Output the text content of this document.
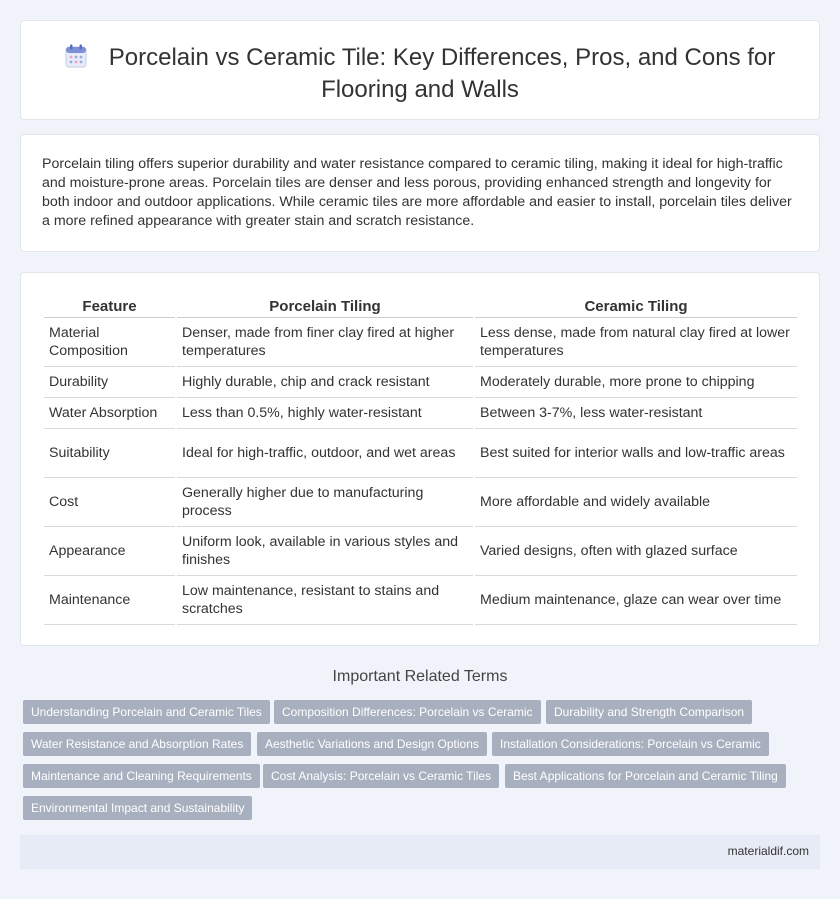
Porcelain vs Ceramic Tile: Key Differences, Pros, and Cons for
Flooring and Walls

Porcelain tiling offers superior durability and water resistance compared to ceramic tiling, making it ideal for high-traffic and moisture-prone areas. Porcelain tiles are denser and less porous, providing enhanced strength and longevity for both indoor and outdoor applications. While ceramic tiles are more affordable and easier to install, porcelain tiles deliver a more refined appearance with greater stain and scratch resistance.

Feature	Porcelain Tiling	Ceramic Tiling
Material Composition	Denser, made from finer clay fired at higher temperatures	Less dense, made from natural clay fired at lower temperatures
Durability	Highly durable, chip and crack resistant	Moderately durable, more prone to chipping
Water Absorption	Less than 0.5%, highly water-resistant	Between 3-7%, less water-resistant
Suitability	Ideal for high-traffic, outdoor, and wet areas	Best suited for interior walls and low-traffic areas
Cost	Generally higher due to manufacturing process	More affordable and widely available
Appearance	Uniform look, available in various styles and finishes	Varied designs, often with glazed surface
Maintenance	Low maintenance, resistant to stains and scratches	Medium maintenance, glaze can wear over time
Important Related Terms
Understanding Porcelain and Ceramic Tiles	Composition Differences: Porcelain vs Ceramic	Durability and Strength Comparison
Water Resistance and Absorption Rates	Aesthetic Variations and Design Options	Installation Considerations: Porcelain vs Ceramic
Maintenance and Cleaning Requirements	Cost Analysis: Porcelain vs Ceramic Tiles	Best Applications for Porcelain and Ceramic Tiling
Environmental Impact and Sustainability
materialdif.com
